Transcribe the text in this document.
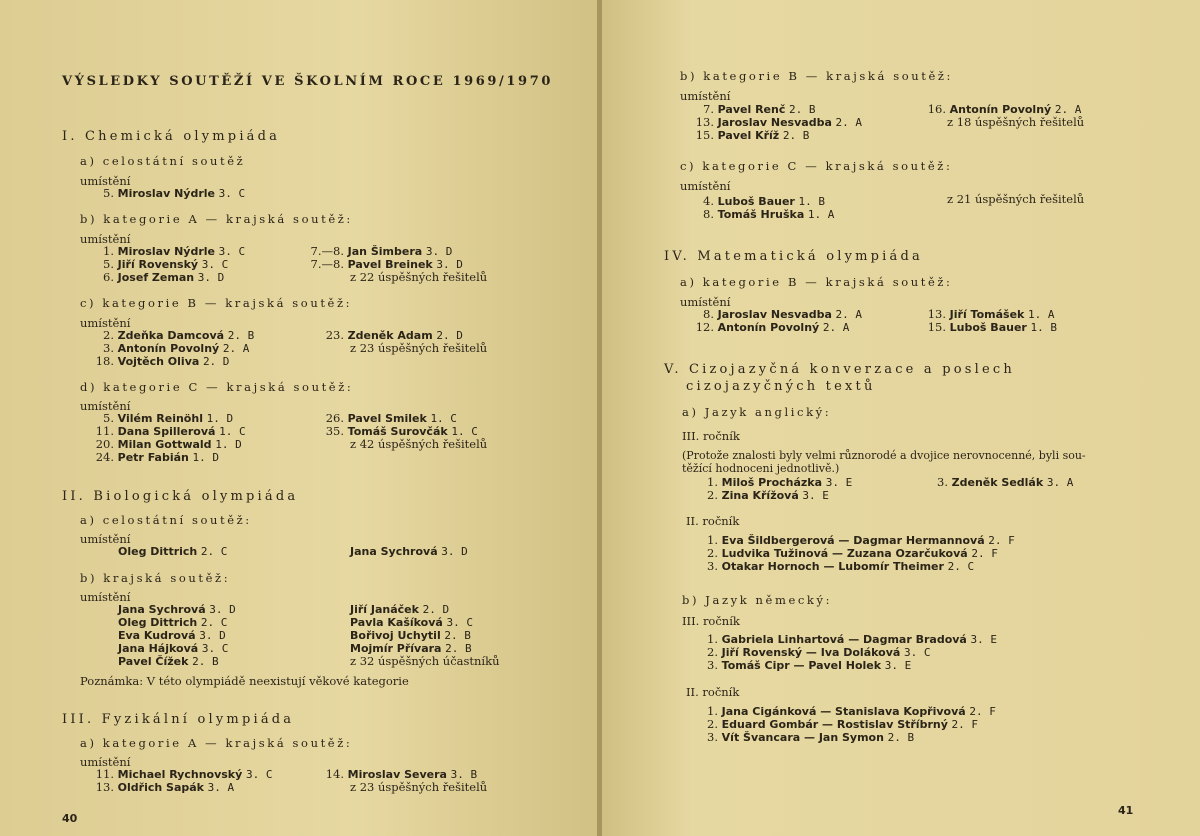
VÝSLEDKY SOUTĚŽÍ VE ŠKOLNÍM ROCE 1969/1970
I. Chemická olympiáda
a) celostátní soutěž
umístění
5. Miroslav Nýdrle 3. C
b) kategorie A — krajská soutěž:
umístění
1. Miroslav Nýdrle 3. C
5. Jiří Rovenský 3. C
6. Josef Zeman 3. D
7.—8. Jan Šimbera 3. D
7.—8. Pavel Breinek 3. D
z 22 úspěšných řešitelů
c) kategorie B — krajská soutěž:
umístění
2. Zdeňka Damcová 2. B
3. Antonín Povolný 2. A
18. Vojtěch Oliva 2. D
23. Zdeněk Adam 2. D
z 23 úspěšných řešitelů
d) kategorie C — krajská soutěž:
umístění
5. Vilém Reinöhl 1. D
11. Dana Spillerová 1. C
20. Milan Gottwald 1. D
24. Petr Fabián 1. D
26. Pavel Smilek 1. C
35. Tomáš Surovčák 1. C
z 42 úspěšných řešitelů
II. Biologická olympiáda
a) celostátní soutěž:
umístění
Oleg Dittrich 2. C	Jana Sychrová 3. D
b) krajská soutěž:
umístění
Jana Sychrová 3. D
Oleg Dittrich 2. C
Eva Kudrová 3. D
Jana Hájková 3. C
Pavel Čížek 2. B
Jiří Janáček 2. D
Pavla Kašíková 3. C
Bořivoj Uchytil 2. B
Mojmír Přívara 2. B
z 32 úspěšných účastníků
Poznámka: V této olympiádě neexistují věkové kategorie
III. Fyzikální olympiáda
a) kategorie A — krajská soutěž:
umístění
11. Michael Rychnovský 3. C
13. Oldřich Sapák 3. A
14. Miroslav Severa 3. B
z 23 úspěšných řešitelů
40
b) kategorie B — krajská soutěž:
umístění
7. Pavel Renč 2. B
13. Jaroslav Nesvadba 2. A
15. Pavel Kříž 2. B
16. Antonín Povolný 2. A
z 18 úspěšných řešitelů
c) kategorie C — krajská soutěž:
umístění
4. Luboš Bauer 1. B
8. Tomáš Hruška 1. A
z 21 úspěšných řešitelů
IV. Matematická olympiáda
a) kategorie B — krajská soutěž:
umístění
8. Jaroslav Nesvadba 2. A
12. Antonín Povolný 2. A
13. Jiří Tomášek 1. A
15. Luboš Bauer 1. B
V. Cizojazyčná konverzace a poslech
cizojazyčných textů
a) Jazyk anglický:
III. ročník
(Protože znalosti byly velmi různorodé a dvojice nerovnocenné, byli sou-
těžící hodnoceni jednotlivě.)
1. Miloš Procházka 3. E
2. Zina Křížová 3. E
3. Zdeněk Sedlák 3. A
II. ročník
1. Eva Šildbergerová — Dagmar Hermannová 2. F
2. Ludvika Tužinová — Zuzana Ozarčuková 2. F
3. Otakar Hornoch — Lubomír Theimer 2. C
b) Jazyk německý:
III. ročník
1. Gabriela Linhartová — Dagmar Bradová 3. E
2. Jiří Rovenský — Iva Doláková 3. C
3. Tomáš Cipr — Pavel Holek 3. E
II. ročník
1. Jana Cigánková — Stanislava Kopřivová 2. F
2. Eduard Gombár — Rostislav Stříbrný 2. F
3. Vít Švancara — Jan Symon 2. B
41
